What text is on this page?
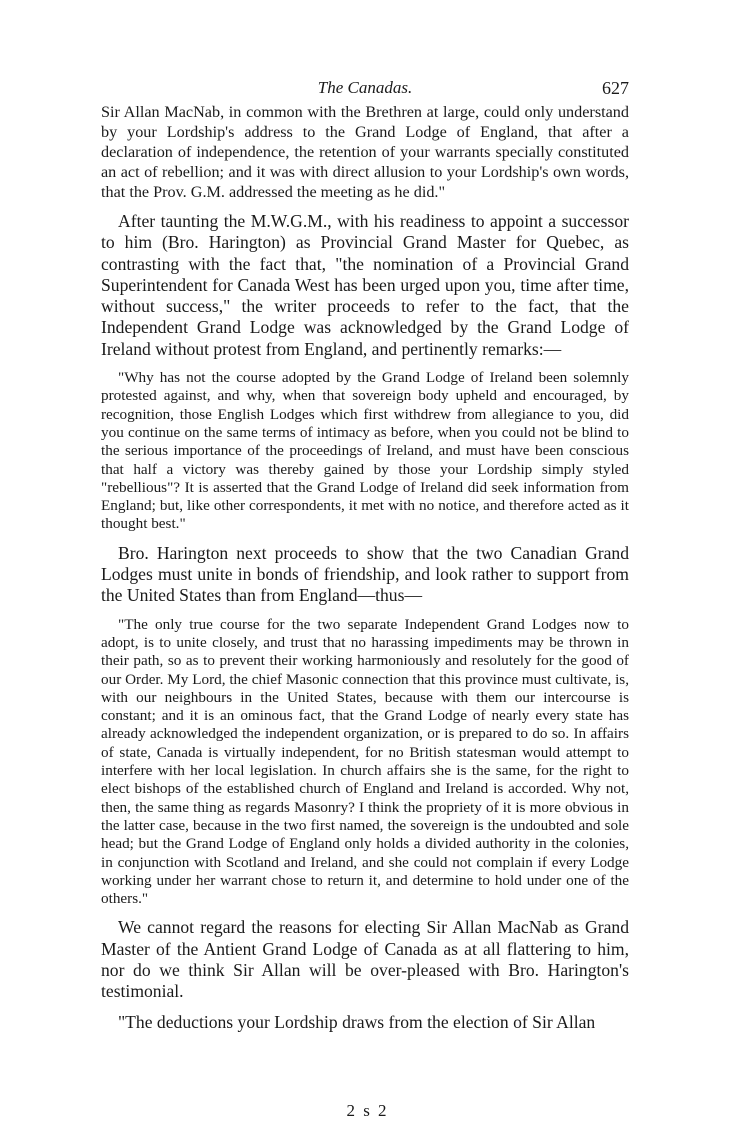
The Canadas.	627

Sir Allan MacNab, in common with the Brethren at large, could only understand by your Lordship's address to the Grand Lodge of England, that after a declaration of independence, the retention of your warrants specially constituted an act of rebellion; and it was with direct allusion to your Lordship's own words, that the Prov. G.M. addressed the meeting as he did."

After taunting the M.W.G.M., with his readiness to appoint a successor to him (Bro. Harington) as Provincial Grand Master for Quebec, as contrasting with the fact that, "the nomination of a Provincial Grand Superintendent for Canada West has been urged upon you, time after time, without success," the writer proceeds to refer to the fact, that the Independent Grand Lodge was acknowledged by the Grand Lodge of Ireland without protest from England, and pertinently remarks:—

"Why has not the course adopted by the Grand Lodge of Ireland been solemnly protested against, and why, when that sovereign body upheld and encouraged, by recognition, those English Lodges which first withdrew from allegiance to you, did you continue on the same terms of intimacy as before, when you could not be blind to the serious importance of the proceedings of Ireland, and must have been conscious that half a victory was thereby gained by those your Lordship simply styled "rebellious"? It is asserted that the Grand Lodge of Ireland did seek information from England; but, like other correspondents, it met with no notice, and therefore acted as it thought best."

Bro. Harington next proceeds to show that the two Canadian Grand Lodges must unite in bonds of friendship, and look rather to support from the United States than from England—thus—

"The only true course for the two separate Independent Grand Lodges now to adopt, is to unite closely, and trust that no harassing impediments may be thrown in their path, so as to prevent their working harmoniously and resolutely for the good of our Order. My Lord, the chief Masonic connection that this province must cultivate, is, with our neighbours in the United States, because with them our intercourse is constant; and it is an ominous fact, that the Grand Lodge of nearly every state has already acknowledged the independent organization, or is prepared to do so. In affairs of state, Canada is virtually independent, for no British statesman would attempt to interfere with her local legislation. In church affairs she is the same, for the right to elect bishops of the established church of England and Ireland is accorded. Why not, then, the same thing as regards Masonry? I think the propriety of it is more obvious in the latter case, because in the two first named, the sovereign is the undoubted and sole head; but the Grand Lodge of England only holds a divided authority in the colonies, in conjunction with Scotland and Ireland, and she could not complain if every Lodge working under her warrant chose to return it, and determine to hold under one of the others."

We cannot regard the reasons for electing Sir Allan MacNab as Grand Master of the Antient Grand Lodge of Canada as at all flattering to him, nor do we think Sir Allan will be over-pleased with Bro. Harington's testimonial.

"The deductions your Lordship draws from the election of Sir Allan

2 s 2
